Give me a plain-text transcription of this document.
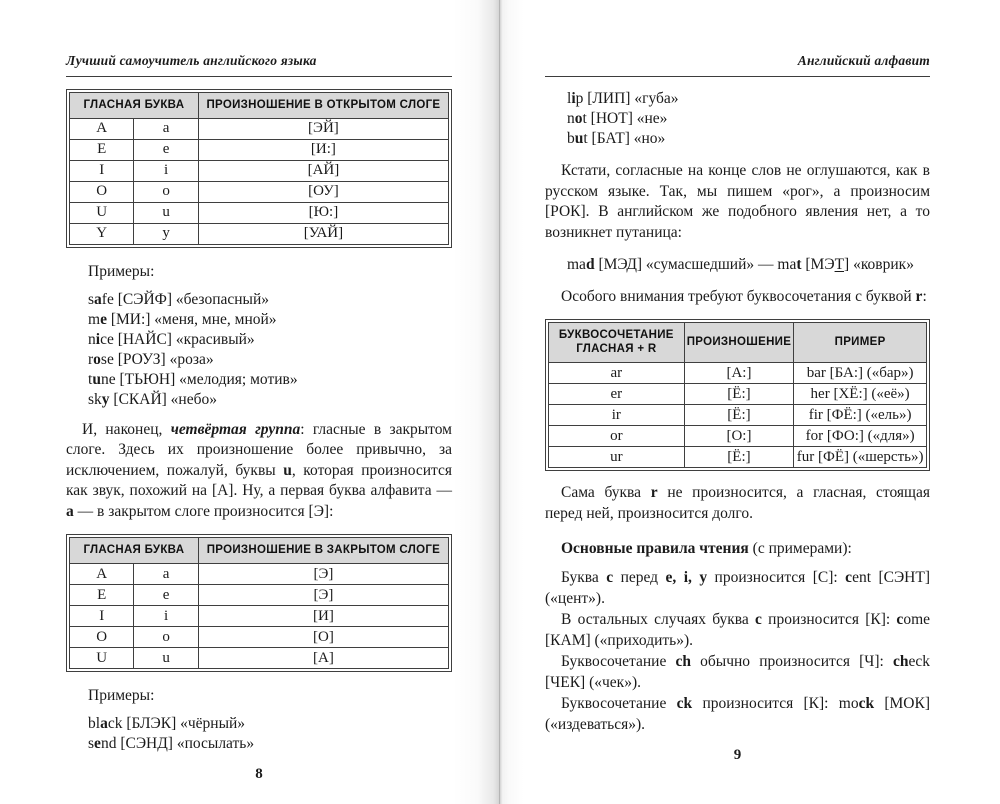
Лучший самоучитель английского языка
ГЛАСНАЯ БУКВА		ПРОИЗНОШЕНИЕ В ОТКРЫТОМ СЛОГЕ
A	a	[ЭЙ]
E	e	[И:]
I	i	[АЙ]
O	o	[ОУ]
U	u	[Ю:]
Y	y	[УАЙ]
Примеры:
safe [СЭЙФ] «безопасный»
me [МИ:] «меня, мне, мной»
nice [НАЙС] «красивый»
rose [РОУЗ] «роза»
tune [ТЬЮН] «мелодия; мотив»
sky [СКАЙ] «небо»
И, наконец, четвёртая группа: гласные в закрытом слоге. Здесь их произношение более привычно, за исключением, пожалуй, буквы u, которая произносится как звук, похожий на [А]. Ну, а первая буква алфавита — a — в закрытом слоге произносится [Э]:
ГЛАСНАЯ БУКВА		ПРОИЗНОШЕНИЕ В ЗАКРЫТОМ СЛОГЕ
A	a	[Э]
E	e	[Э]
I	i	[И]
O	o	[О]
U	u	[А]
Примеры:
black [БЛЭК] «чёрный»
send [СЭНД] «посылать»
8
Английский алфавит
lip [ЛИП] «губа»
not [НОТ] «не»
but [БАТ] «но»
Кстати, согласные на конце слов не оглушаются, как в русском языке. Так, мы пишем «рог», а произносим [РОК]. В английском же подобного явления нет, а то возникнет путаница:
mad [МЭД] «сумасшедший» — mat [МЭТ] «коврик»
Особого внимания требуют буквосочетания с буквой r:
БУКВОСОЧЕТАНИЕ
ГЛАСНАЯ + R	ПРОИЗНОШЕНИЕ	ПРИМЕР
ar	[А:]	bar [БА:] («бар»)
er	[Ё:]	her [ХЁ:] («её»)
ir	[Ё:]	fir [ФЁ:] («ель»)
or	[О:]	for [ФО:] («для»)
ur	[Ё:]	fur [ФЁ] («шерсть»)
Сама буква r не произносится, а гласная, стоящая перед ней, произносится долго.
Основные правила чтения (с примерами):
Буква c перед e, i, y произносится [С]: cent [СЭНТ] («цент»).
В остальных случаях буква c произносится [К]: come [КАМ] («приходить»).
Буквосочетание ch обычно произносится [Ч]: check [ЧЕК] («чек»).
Буквосочетание ck произносится [К]: mock [МОК] («издеваться»).
9
